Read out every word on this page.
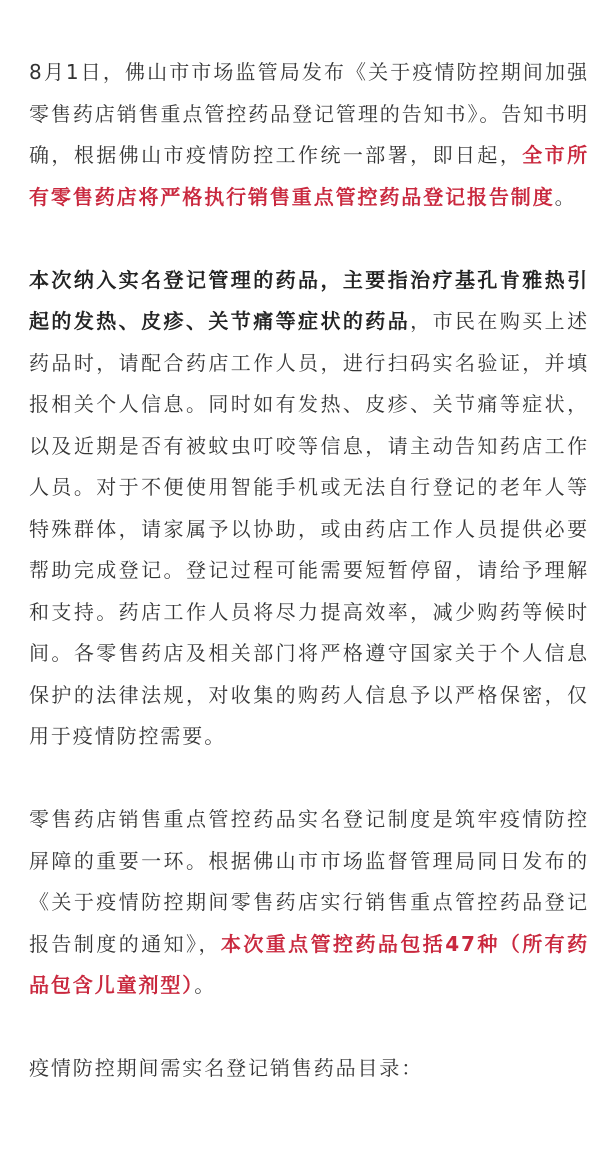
8月1日，佛山市市场监管局发布《关于疫情防控期间加强零售药店销售重点管控药品登记管理的告知书》。告知书明确，根据佛山市疫情防控工作统一部署，即日起，全市所有零售药店将严格执行销售重点管控药品登记报告制度。

本次纳入实名登记管理的药品，主要指治疗基孔肯雅热引起的发热、皮疹、关节痛等症状的药品，市民在购买上述药品时，请配合药店工作人员，进行扫码实名验证，并填报相关个人信息。同时如有发热、皮疹、关节痛等症状，以及近期是否有被蚊虫叮咬等信息，请主动告知药店工作人员。对于不便使用智能手机或无法自行登记的老年人等特殊群体，请家属予以协助，或由药店工作人员提供必要帮助完成登记。登记过程可能需要短暂停留，请给予理解和支持。药店工作人员将尽力提高效率，减少购药等候时间。各零售药店及相关部门将严格遵守国家关于个人信息保护的法律法规，对收集的购药人信息予以严格保密，仅用于疫情防控需要。

零售药店销售重点管控药品实名登记制度是筑牢疫情防控屏障的重要一环。根据佛山市市场监督管理局同日发布的《关于疫情防控期间零售药店实行销售重点管控药品登记报告制度的通知》，本次重点管控药品包括47种（所有药品包含儿童剂型）。

疫情防控期间需实名登记销售药品目录：
